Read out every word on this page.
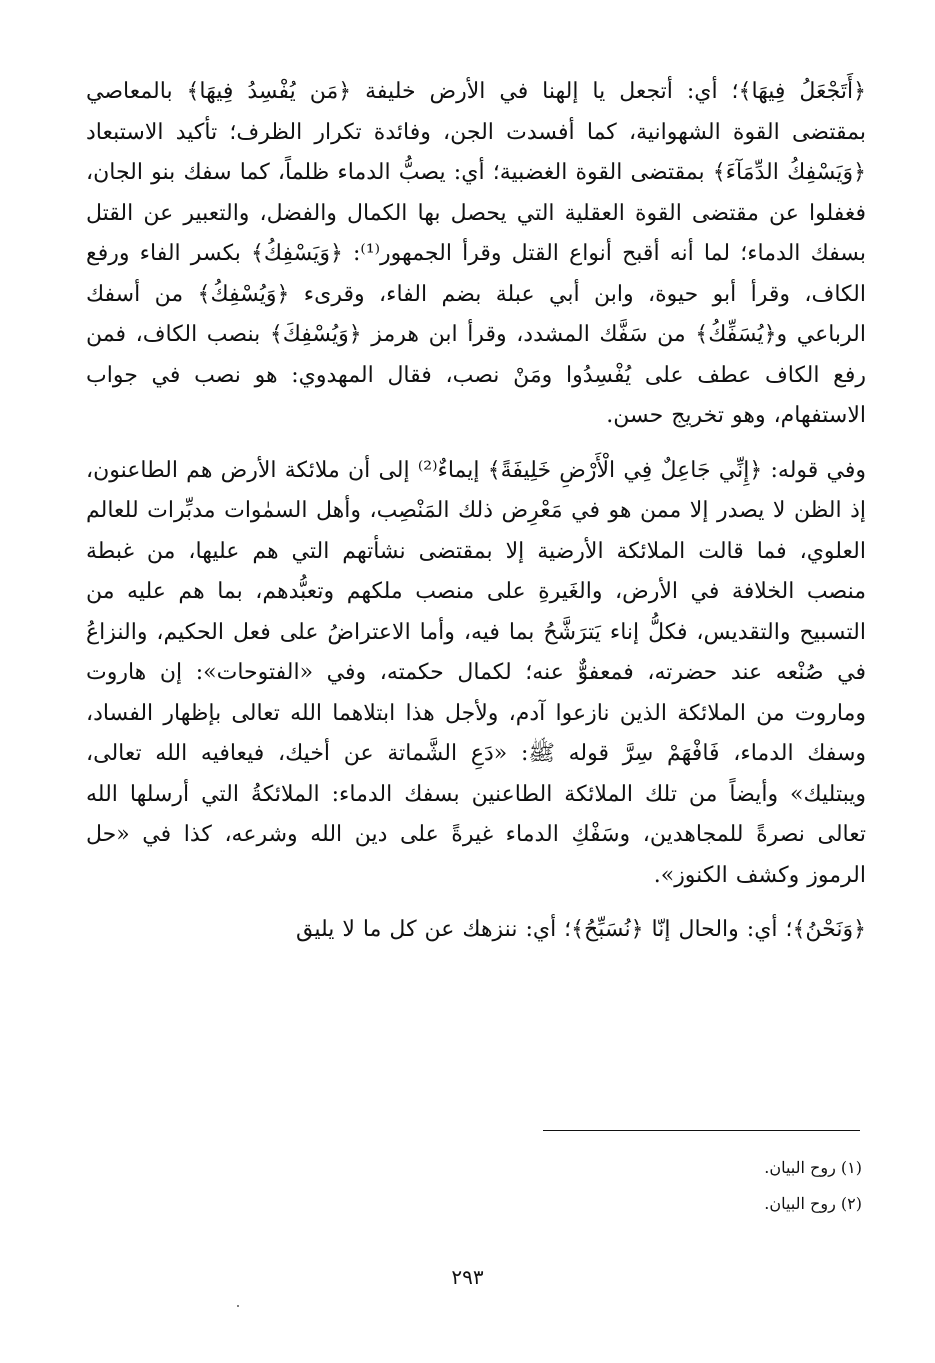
﴿أَتَجْعَلُ فِيهَا﴾؛ أي: أتجعل يا إلهنا في الأرض خليفة ﴿مَن يُفْسِدُ فِيهَا﴾ بالمعاصي بمقتضى القوة الشهوانية، كما أفسدت الجن، وفائدة تكرار الظرف؛ تأكيد الاستبعاد ﴿وَيَسْفِكُ الدِّمَآءَ﴾ بمقتضى القوة الغضبية؛ أي: يصبُّ الدماء ظلماً، كما سفك بنو الجان، فغفلوا عن مقتضى القوة العقلية التي يحصل بها الكمال والفضل، والتعبير عن القتل بسفك الدماء؛ لما أنه أقبح أنواع القتل وقرأ الجمهور⁽¹⁾: ﴿وَيَسْفِكُ﴾ بكسر الفاء ورفع الكاف، وقرأ أبو حيوة، وابن أبي عبلة بضم الفاء، وقرىء ﴿وَيُسْفِكُ﴾ من أسفك الرباعي و﴿يُسَفِّكُ﴾ من سَفَّك المشدد، وقرأ ابن هرمز ﴿وَيُسْفِكَ﴾ بنصب الكاف، فمن رفع الكاف عطف على يُفْسِدُوا ومَنْ نصب، فقال المهدوي: هو نصب في جواب الاستفهام، وهو تخريج حسن.

وفي قوله: ﴿إِنِّي جَاعِلٌ فِي الْأَرْضِ خَلِيفَةً﴾ إيماءٌ⁽²⁾ إلى أن ملائكة الأرض هم الطاعنون، إذ الظن لا يصدر إلا ممن هو في مَعْرِض ذلك المَنْصِب، وأهل السمٰوات مدبِّرات للعالم العلوي، فما قالت الملائكة الأرضية إلا بمقتضى نشأتهم التي هم عليها، من غبطة منصب الخلافة في الأرض، والغَيرةِ على منصب ملكهم وتعبُّدهم، بما هم عليه من التسبيح والتقديس، فكلُّ إناء يَترَشَّحُ بما فيه، وأما الاعتراضُ على فعل الحكيم، والنزاعُ في صُنْعه عند حضرته، فمعفوٌّ عنه؛ لكمال حكمته، وفي «الفتوحات»: إن هاروت وماروت من الملائكة الذين نازعوا آدم، ولأجل هذا ابتلاهما الله تعالى بإظهار الفساد، وسفك الدماء، فَافْهَمْ سِرَّ قوله ﷺ: «دَعِ الشَّماتة عن أخيك، فيعافيه الله تعالى، ويبتليك» وأيضاً من تلك الملائكة الطاعنين بسفك الدماء: الملائكةُ التي أرسلها الله تعالى نصرةً للمجاهدين، وسَفْكِ الدماء غيرةً على دين الله وشرعه، كذا في «حل الرموز وكشف الكنوز».

﴿وَنَحْنُ﴾؛ أي: والحال إنّا ﴿نُسَبِّحُ﴾؛ أي: ننزهك عن كل ما لا يليق

(١) روح البيان.
(٢) روح البيان.
٢٩٣
